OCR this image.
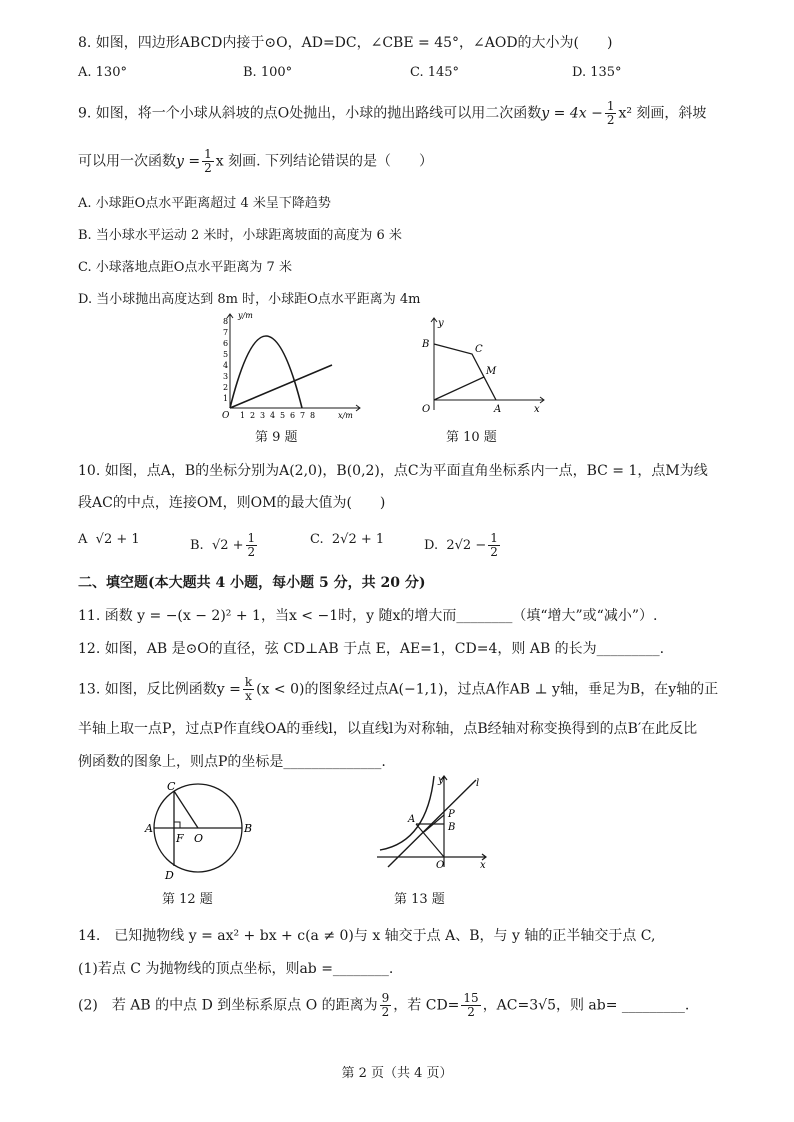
8. 如图，四边形ABCD内接于⊙O，AD=DC，∠CBE = 45°，∠AOD的大小为(　　)
A. 130°	B. 100°	C. 145°	D. 135°
9. 如图，将一个小球从斜坡的点O处抛出，小球的抛出路线可以用二次函数$y = 4x - \frac{1}{2} x^2$ 刻画，斜坡
可以用一次函数$y = \frac{1}{2}$ x 刻画. 下列结论错误的是（　　）
A. 小球距O点水平距离超过 4 米呈下降趋势
B. 当小球水平运动 2 米时，小球距离坡面的高度为 6 米
C. 小球落地点距O点水平距离为 7 米
D. 当小球抛出高度达到 8m 时，小球距O点水平距离为 4m
y/m
x/m
O 1 2 3 4 5 6 7 8
1
2
3
4
5
6
7
8
第 9 题
y
x
O	A
B	C
M
第 10 题
10. 如图，点A，B的坐标分别为A(2,0)，B(0,2)，点C为平面直角坐标系内一点，BC = 1，点M为线
段AC的中点，连接OM，则OM的最大值为(　　)
A √2 + 1	B. $√2 + \frac{1}{2}$	C. 2√2 + 1	D. $2√2 - \frac{1}{2}$
二、填空题(本大题共 4 小题，每小题 5 分，共 20 分)
11. 函数 y = −(x − 2)² + 1，当x < −1时，y 随x的增大而________（填“增大”或“减小”）.
12. 如图，AB 是⊙O的直径，弦 CD⊥AB 于点 E，AE=1，CD=4，则 AB 的长为_________.
13. 如图，反比例函数$y = \frac{k}{x} (x < 0)$的图象经过点A(−1,1)，过点A作AB ⊥ y轴，垂足为B，在y轴的正
半轴上取一点P，过点P作直线OA的垂线l，以直线l为对称轴，点B经轴对称变换得到的点B′在此反比
例函数的图象上，则点P的坐标是______________.
C
A
F O
B
D
第 12 题
y	l
P
A
B
O	x
第 13 题
14.　已知抛物线 y = ax² + bx + c(a ≠ 0)与 x 轴交于点 A、B，与 y 轴的正半轴交于点 C,
(1)若点 C 为抛物线的顶点坐标，则ab =________.
(2)　若 AB 的中点 D 到坐标系原点 O 的距离为 $\frac{9}{2}$ ，若 $CD= \frac{15}{2}$ ，AC=3√5，则 ab= _________.
第 2 页（共 4 页）
